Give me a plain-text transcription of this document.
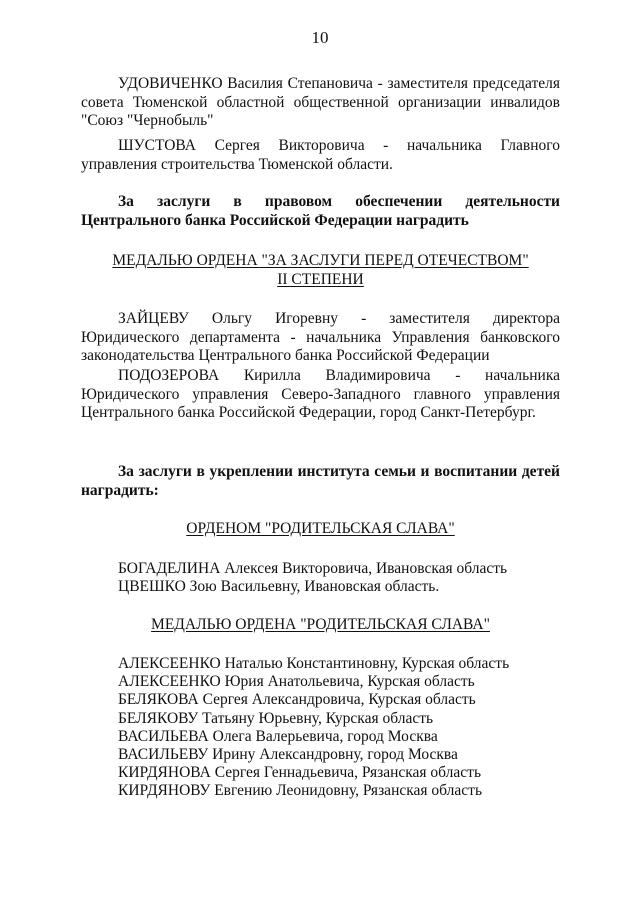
10
УДОВИЧЕНКО Василия Степановича - заместителя председателя совета Тюменской областной общественной организации инвалидов "Союз "Чернобыль"
ШУСТОВА Сергея Викторовича - начальника Главного управления строительства Тюменской области.
За заслуги в правовом обеспечении деятельности Центрального банка Российской Федерации наградить
МЕДАЛЬЮ ОРДЕНА "ЗА ЗАСЛУГИ ПЕРЕД ОТЕЧЕСТВОМ"
II СТЕПЕНИ
ЗАЙЦЕВУ Ольгу Игоревну - заместителя директора Юридического департамента - начальника Управления банковского законодательства Центрального банка Российской Федерации
ПОДОЗЕРОВА Кирилла Владимировича - начальника Юридического управления Северо-Западного главного управления Центрального банка Российской Федерации, город Санкт-Петербург.
За заслуги в укреплении института семьи и воспитании детей наградить:
ОРДЕНОМ "РОДИТЕЛЬСКАЯ СЛАВА"
БОГАДЕЛИНА Алексея Викторовича, Ивановская область
ЦВЕШКО Зою Васильевну, Ивановская область.
МЕДАЛЬЮ ОРДЕНА "РОДИТЕЛЬСКАЯ СЛАВА"
АЛЕКСЕЕНКО Наталью Константиновну, Курская область
АЛЕКСЕЕНКО Юрия Анатольевича, Курская область
БЕЛЯКОВА Сергея Александровича, Курская область
БЕЛЯКОВУ Татьяну Юрьевну, Курская область
ВАСИЛЬЕВА Олега Валерьевича, город Москва
ВАСИЛЬЕВУ Ирину Александровну, город Москва
КИРДЯНОВА Сергея Геннадьевича, Рязанская область
КИРДЯНОВУ Евгению Леонидовну, Рязанская область
